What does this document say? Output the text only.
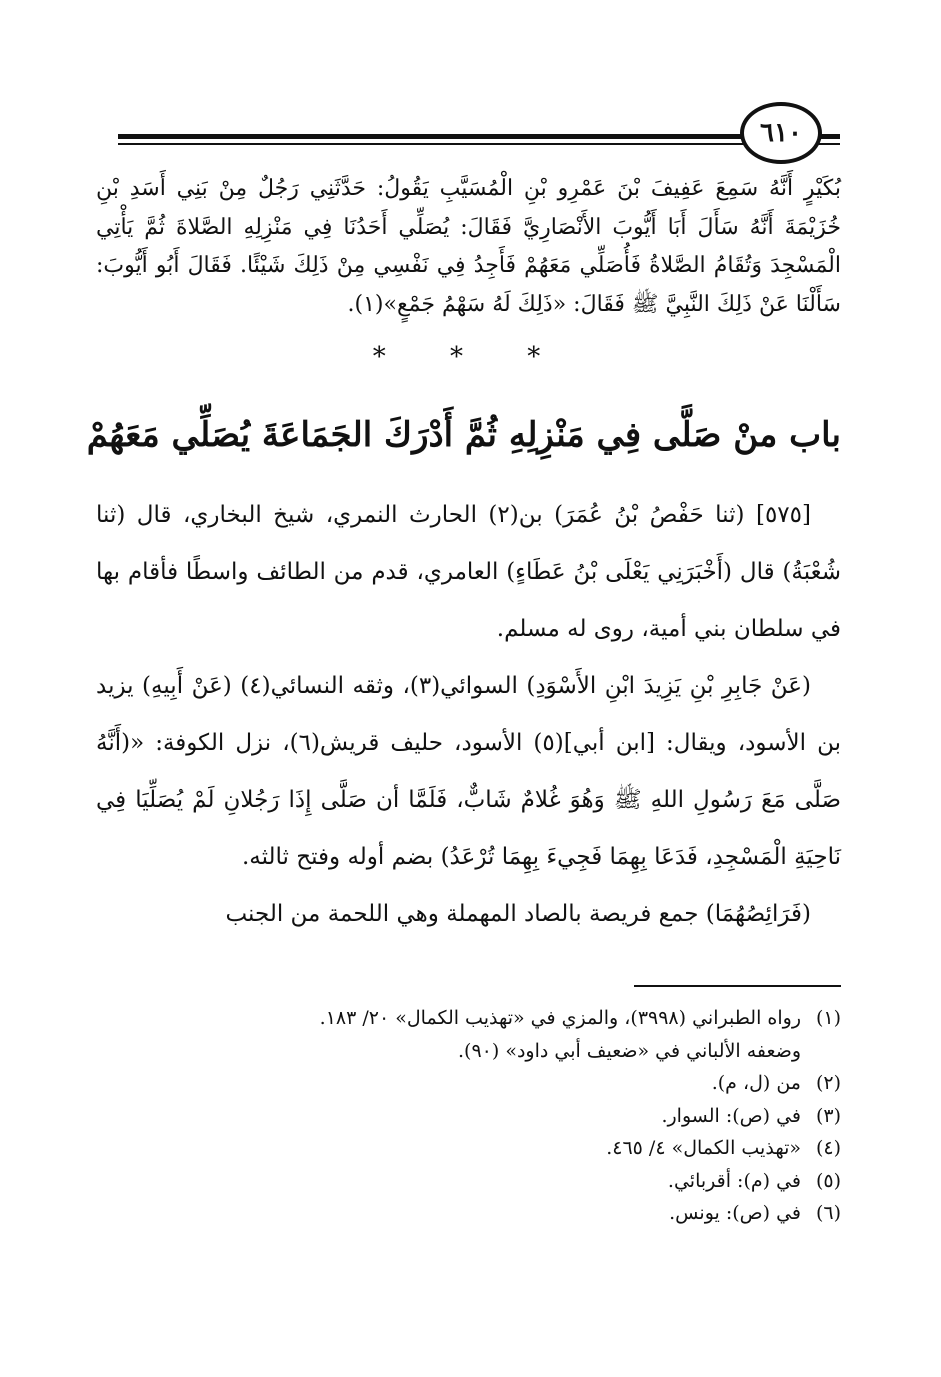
٦١٠
بُكَيْرٍ أَنَّهُ سَمِعَ عَفِيفَ بْنَ عَمْرِو بْنِ الْمُسَيَّبِ يَقُولُ: حَدَّثَنِي رَجُلٌ مِنْ بَنِي أَسَدِ بْنِ خُزَيْمَةَ أَنَّهُ سَأَلَ أَبَا أَيُّوبَ الأَنْصَارِيَّ فَقَالَ: يُصَلِّي أَحَدُنَا فِي مَنْزِلِهِ الصَّلاةَ ثُمَّ يَأْتِي الْمَسْجِدَ وَتُقَامُ الصَّلاةُ فَأُصَلِّي مَعَهُمْ فَأَجِدُ فِي نَفْسِي مِنْ ذَلِكَ شَيْئًا. فَقَالَ أَبُو أَيُّوبَ: سَأَلْنَا عَنْ ذَلِكَ النَّبِيَّ ﷺ فَقَالَ: «ذَلِكَ لَهُ سَهْمُ جَمْعٍ»(١).
* * *
باب منْ صَلَّى فِي مَنْزِلِهِ ثُمَّ أَدْرَكَ الجَمَاعَةَ يُصَلِّي مَعَهُمْ

[٥٧٥] (ثنا حَفْصُ بْنُ عُمَرَ) بن(٢) الحارث النمري، شيخ البخاري، قال (ثنا شُعْبَةُ) قال (أَخْبَرَنِي يَعْلَى بْنُ عَطَاءٍ) العامري، قدم من الطائف واسطًا فأقام بها في سلطان بني أمية، روى له مسلم.

(عَنْ جَابِرِ بْنِ يَزِيدَ ابْنِ الأَسْوَدِ) السوائي(٣)، وثقه النسائي(٤) (عَنْ أَبِيهِ) يزيد بن الأسود، ويقال: [ابن أبي](٥) الأسود، حليف قريش(٦)، نزل الكوفة: «(أَنَّهُ صَلَّى مَعَ رَسُولِ اللهِ ﷺ وَهُوَ غُلامٌ شَابٌّ، فَلَمَّا أن صَلَّى إِذَا رَجُلانِ لَمْ يُصَلِّيَا فِي نَاحِيَةِ الْمَسْجِدِ، فَدَعَا بِهِمَا فَجِيءَ بِهِمَا تُرْعَدُ) بضم أوله وفتح ثالثه.

(فَرَائِصُهُمَا) جمع فريصة بالصاد المهملة وهي اللحمة من الجنب

(١)
رواه الطبراني (٣٩٩٨)، والمزي في «تهذيب الكمال» ٢٠/ ١٨٣.
وضعفه الألباني في «ضعيف أبي داود» (٩٠).
(٢)
من (ل، م).
(٣)
في (ص): السوار.
(٤)
«تهذيب الكمال» ٤/ ٤٦٥.
(٥)
في (م): أقربائي.
(٦)
في (ص): يونس.
